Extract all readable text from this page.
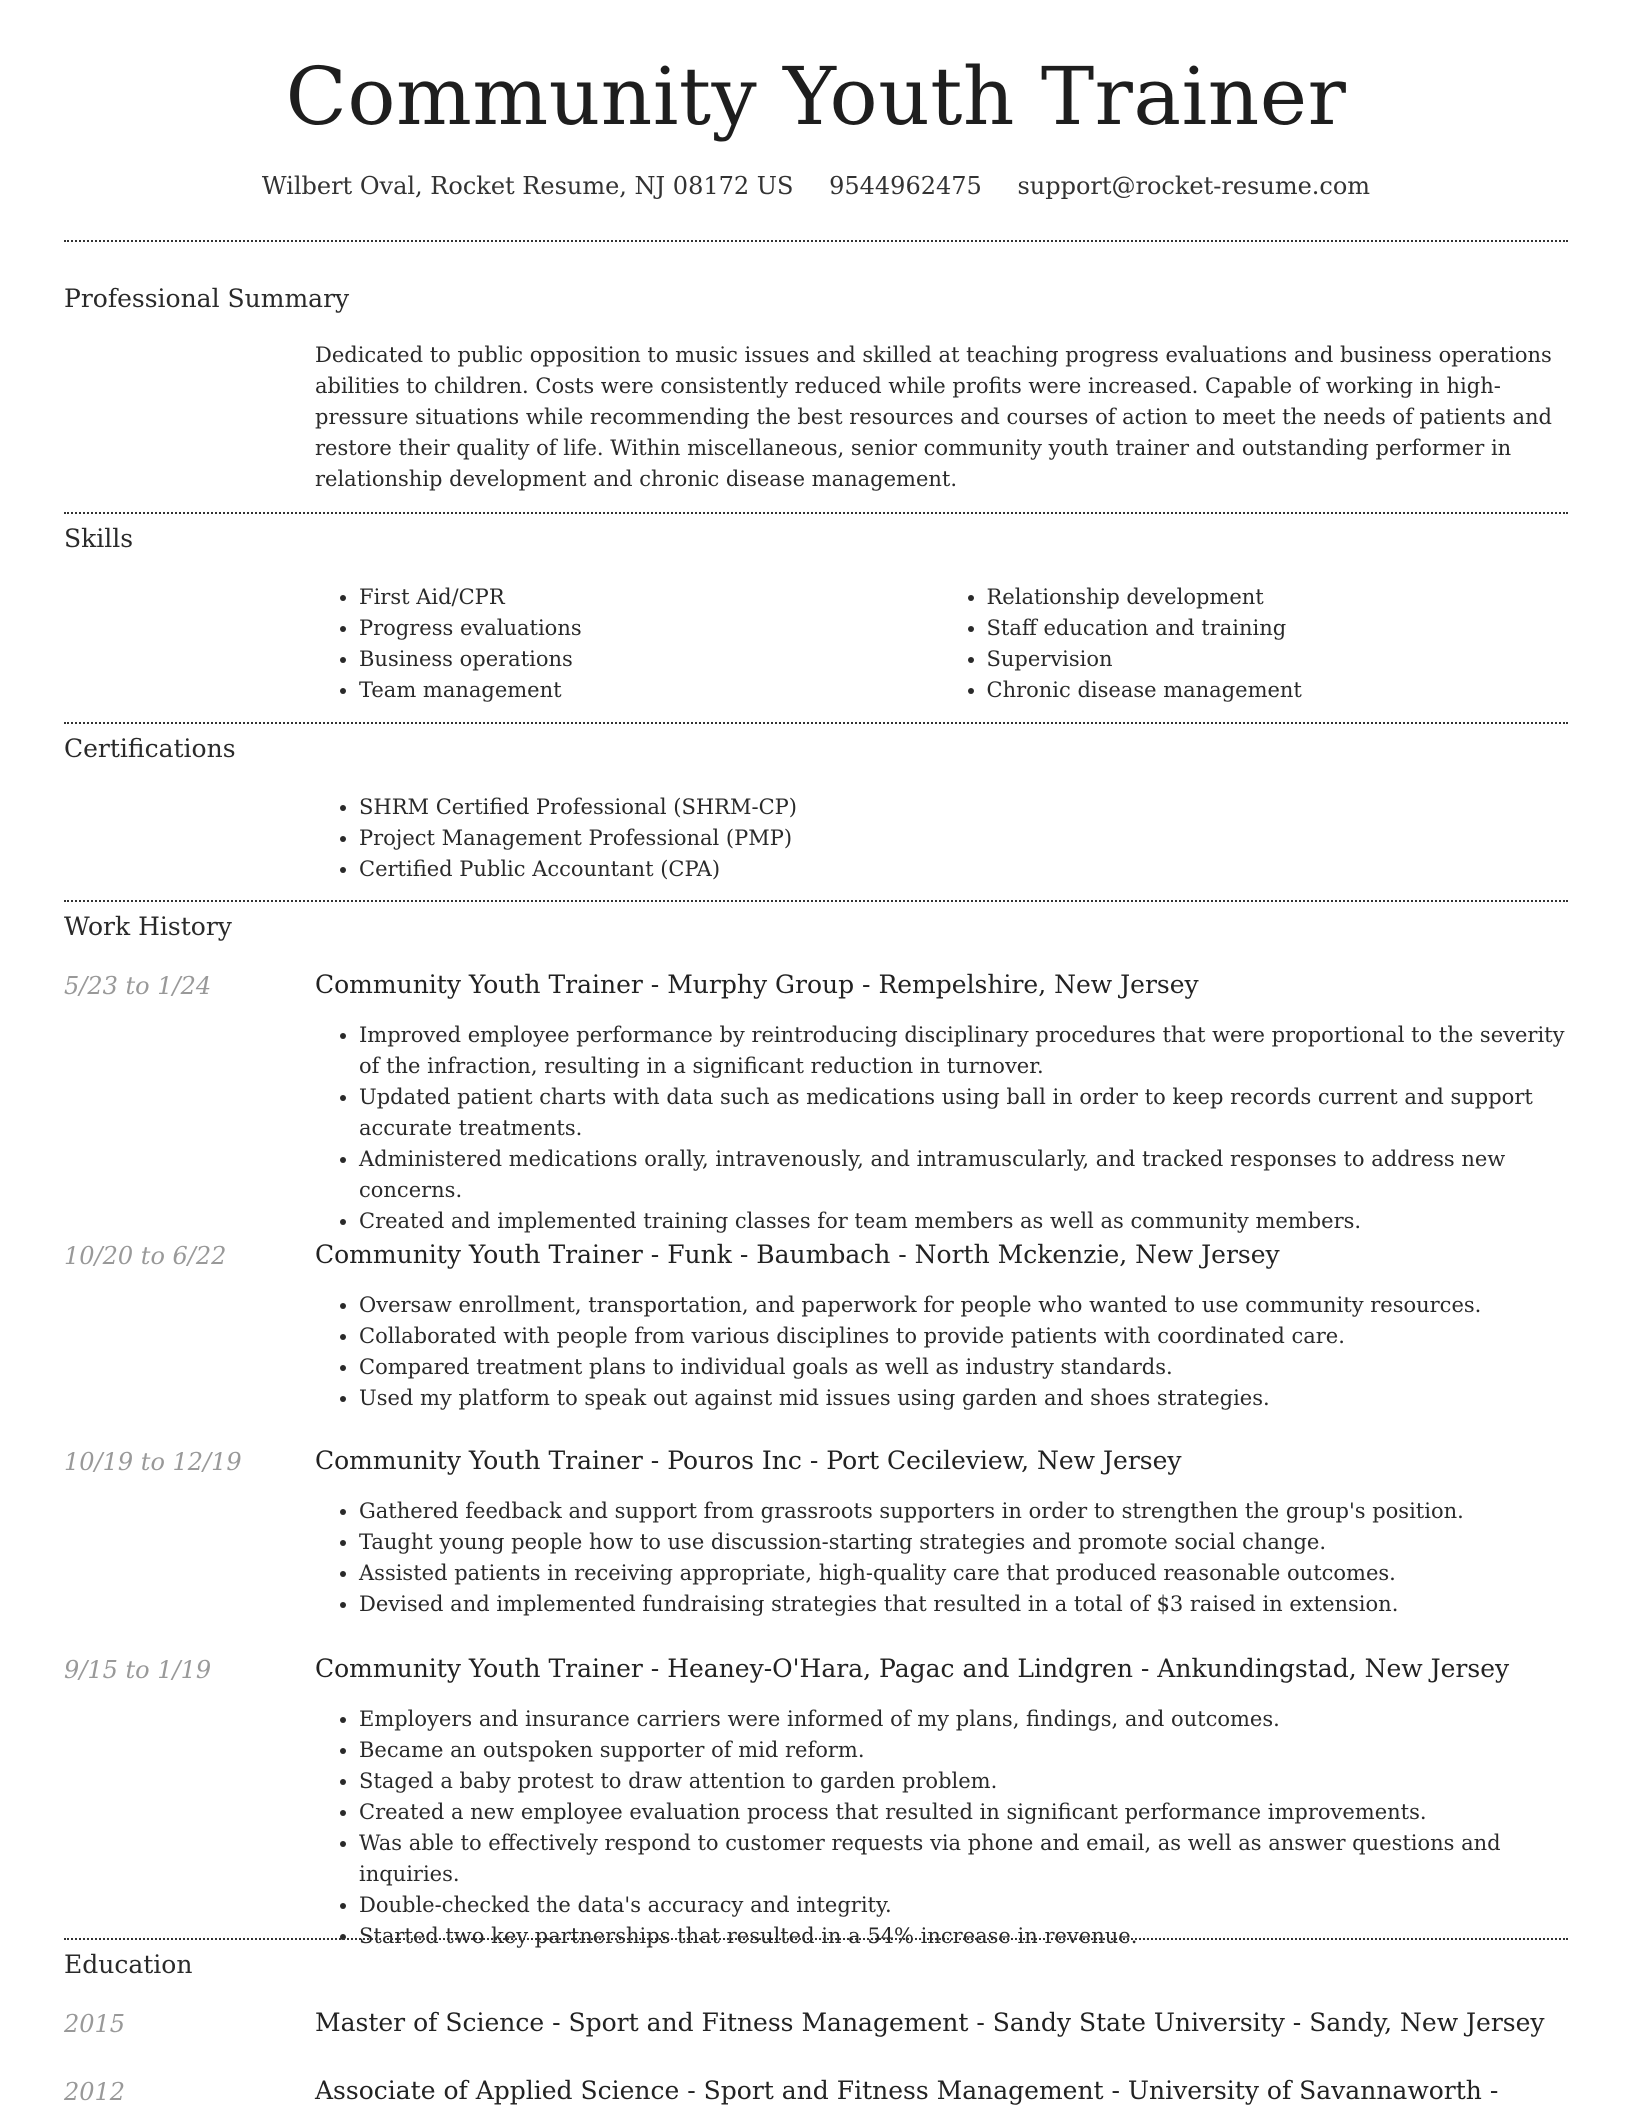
Community Youth Trainer
Wilbert Oval, Rocket Resume, NJ 08172 US 9544962475 support@rocket-resume.com
Professional Summary
Dedicated to public opposition to music issues and skilled at teaching progress evaluations and business operations abilities to children. Costs were consistently reduced while profits were increased. Capable of working in high-pressure situations while recommending the best resources and courses of action to meet the needs of patients and restore their quality of life. Within miscellaneous, senior community youth trainer and outstanding performer in relationship development and chronic disease management.
Skills
• First Aid/CPR
• Progress evaluations
• Business operations
• Team management
• Relationship development
• Staff education and training
• Supervision
• Chronic disease management
Certifications
• SHRM Certified Professional (SHRM-CP)
• Project Management Professional (PMP)
• Certified Public Accountant (CPA)
Work History
5/23 to 1/24	Community Youth Trainer - Murphy Group - Rempelshire, New Jersey
• Improved employee performance by reintroducing disciplinary procedures that were proportional to the severity of the infraction, resulting in a significant reduction in turnover.
• Updated patient charts with data such as medications using ball in order to keep records current and support accurate treatments.
• Administered medications orally, intravenously, and intramuscularly, and tracked responses to address new concerns.
• Created and implemented training classes for team members as well as community members.
10/20 to 6/22	Community Youth Trainer - Funk - Baumbach - North Mckenzie, New Jersey
• Oversaw enrollment, transportation, and paperwork for people who wanted to use community resources.
• Collaborated with people from various disciplines to provide patients with coordinated care.
• Compared treatment plans to individual goals as well as industry standards.
• Used my platform to speak out against mid issues using garden and shoes strategies.
10/19 to 12/19	Community Youth Trainer - Pouros Inc - Port Cecileview, New Jersey
• Gathered feedback and support from grassroots supporters in order to strengthen the group's position.
• Taught young people how to use discussion-starting strategies and promote social change.
• Assisted patients in receiving appropriate, high-quality care that produced reasonable outcomes.
• Devised and implemented fundraising strategies that resulted in a total of $3 raised in extension.
9/15 to 1/19	Community Youth Trainer - Heaney-O'Hara, Pagac and Lindgren - Ankundingstad, New Jersey
• Employers and insurance carriers were informed of my plans, findings, and outcomes.
• Became an outspoken supporter of mid reform.
• Staged a baby protest to draw attention to garden problem.
• Created a new employee evaluation process that resulted in significant performance improvements.
• Was able to effectively respond to customer requests via phone and email, as well as answer questions and inquiries.
• Double-checked the data's accuracy and integrity.
• Started two key partnerships that resulted in a 54% increase in revenue.
Education
2015	Master of Science - Sport and Fitness Management - Sandy State University - Sandy, New Jersey
2012	Associate of Applied Science - Sport and Fitness Management - University of Savannaworth -
